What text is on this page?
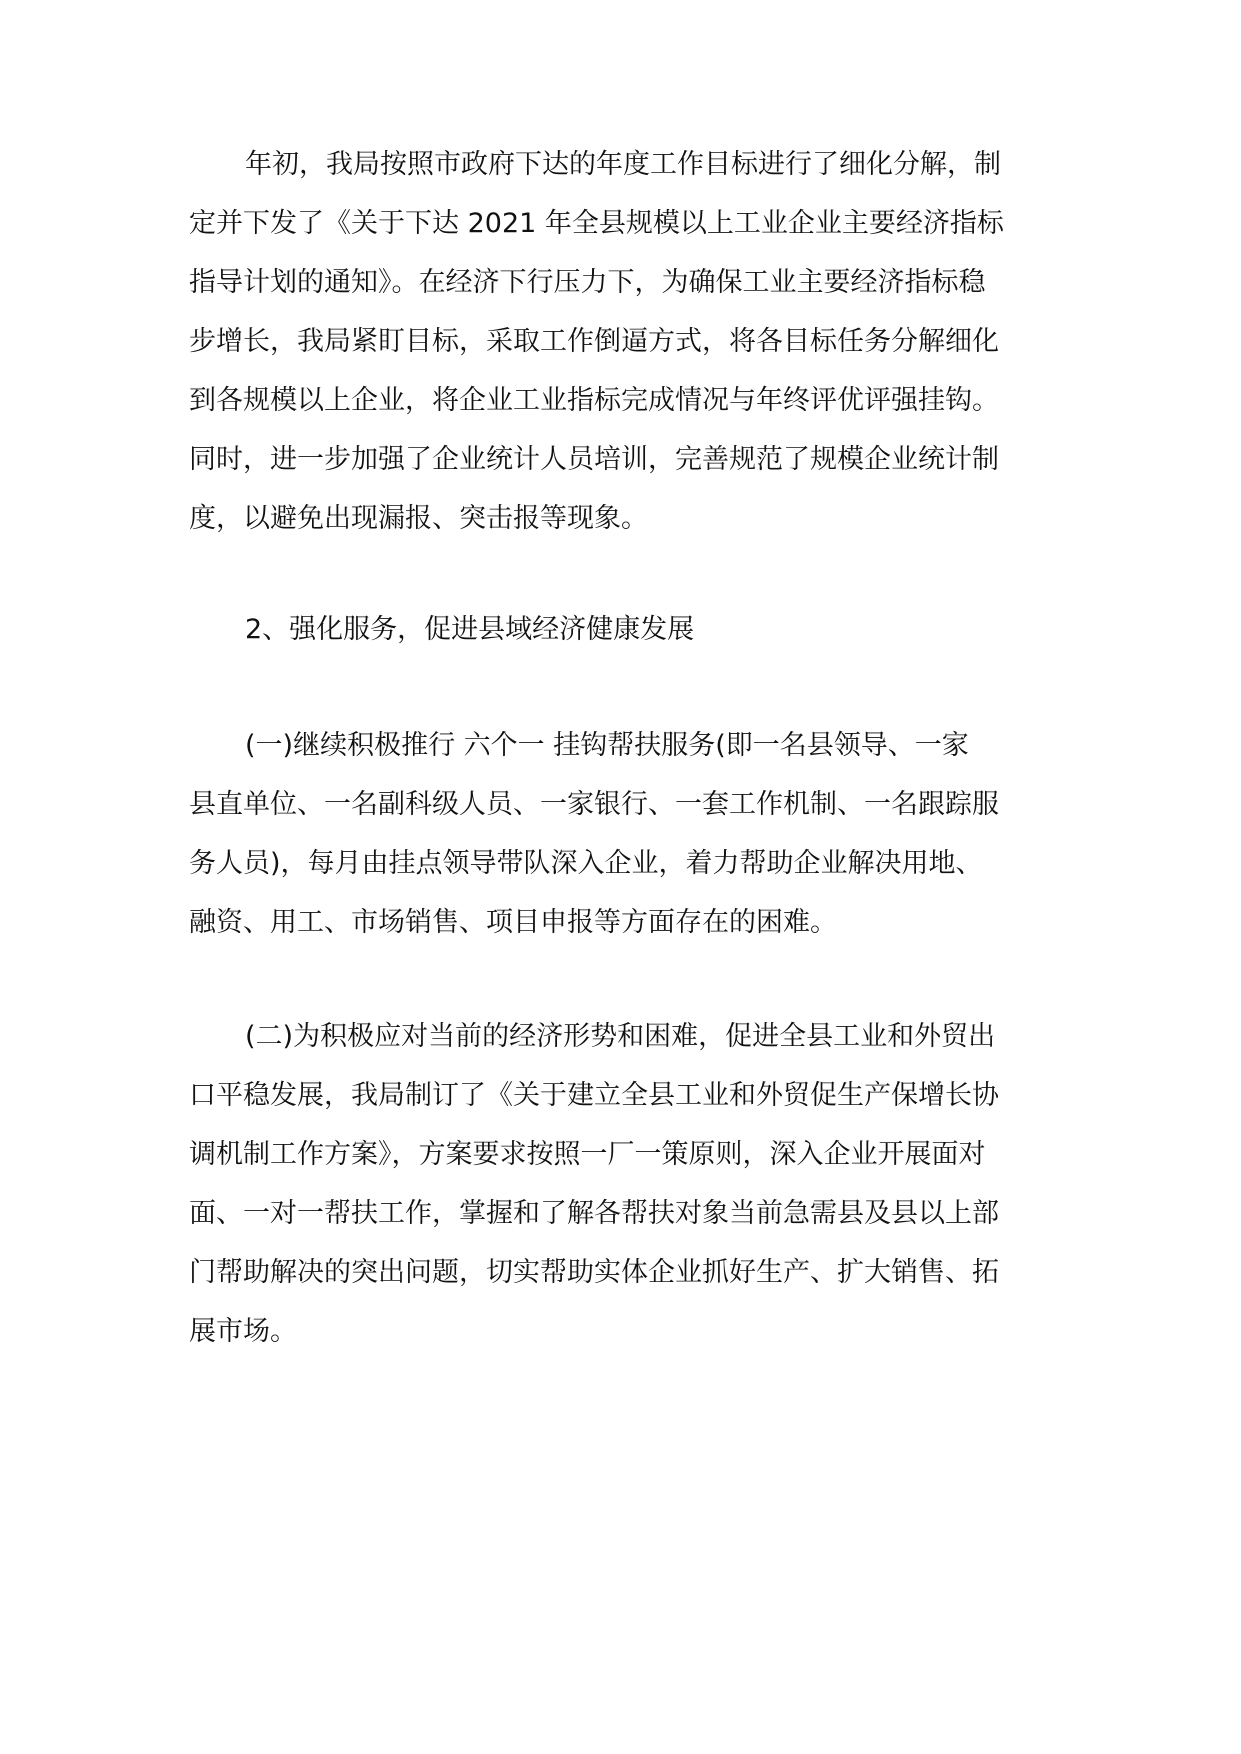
年初，我局按照市政府下达的年度工作目标进行了细化分解，制

定并下发了《关于下达 2021 年全县规模以上工业企业主要经济指标

指导计划的通知》。在经济下行压力下，为确保工业主要经济指标稳

步增长，我局紧盯目标，采取工作倒逼方式，将各目标任务分解细化

到各规模以上企业，将企业工业指标完成情况与年终评优评强挂钩。

同时，进一步加强了企业统计人员培训，完善规范了规模企业统计制

度，以避免出现漏报、突击报等现象。

2、强化服务，促进县域经济健康发展

(一)继续积极推行 六个一 挂钩帮扶服务(即一名县领导、一家

县直单位、一名副科级人员、一家银行、一套工作机制、一名跟踪服

务人员)，每月由挂点领导带队深入企业，着力帮助企业解决用地、

融资、用工、市场销售、项目申报等方面存在的困难。

(二)为积极应对当前的经济形势和困难，促进全县工业和外贸出

口平稳发展，我局制订了《关于建立全县工业和外贸促生产保增长协

调机制工作方案》，方案要求按照一厂一策原则，深入企业开展面对

面、一对一帮扶工作，掌握和了解各帮扶对象当前急需县及县以上部

门帮助解决的突出问题，切实帮助实体企业抓好生产、扩大销售、拓

展市场。
